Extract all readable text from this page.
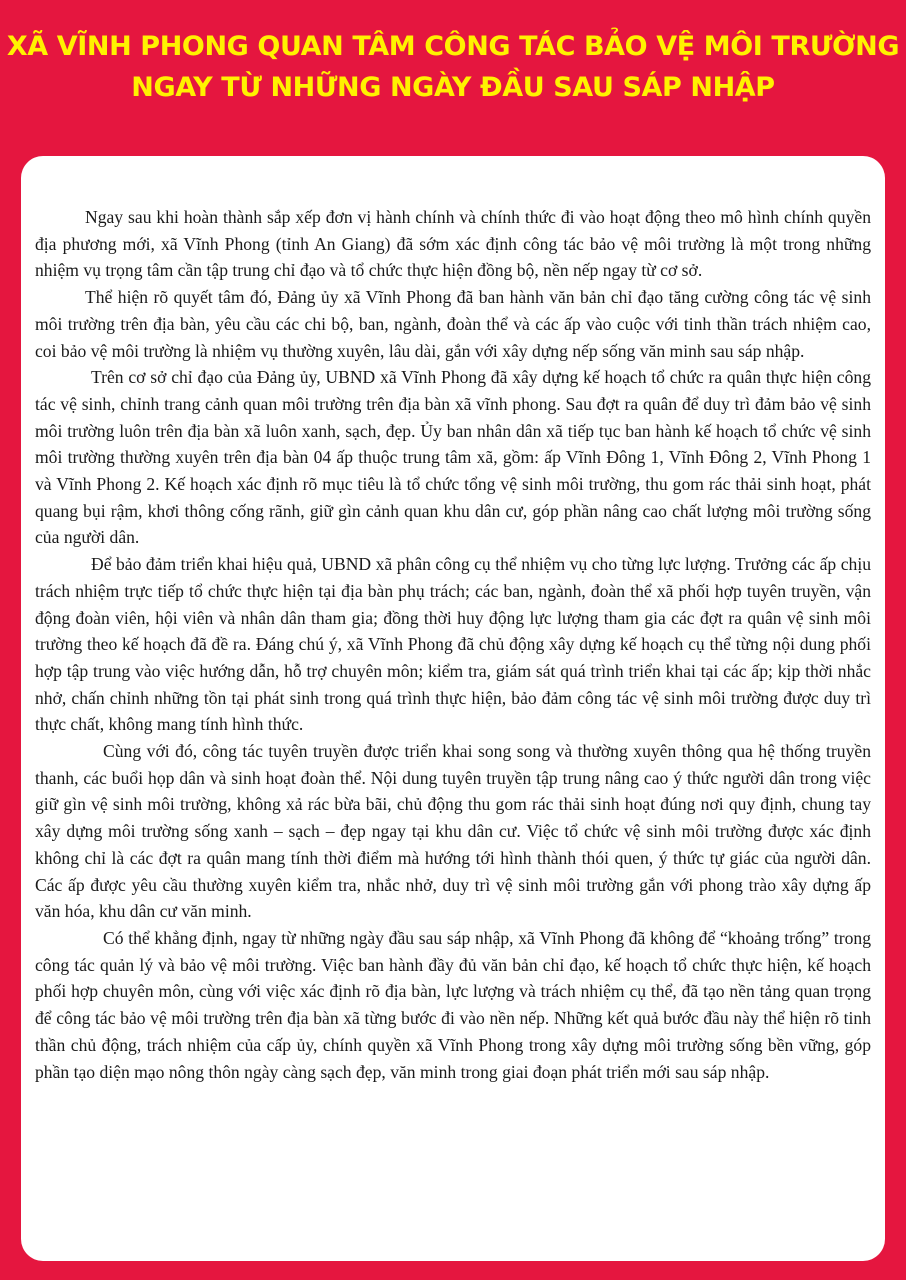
XÃ VĨNH PHONG QUAN TÂM CÔNG TÁC BẢO VỆ MÔI TRƯỜNG
NGAY TỪ NHỮNG NGÀY ĐẦU SAU SÁP NHẬP

Ngay sau khi hoàn thành sắp xếp đơn vị hành chính và chính thức đi vào hoạt động theo mô hình chính quyền địa phương mới, xã Vĩnh Phong (tỉnh An Giang) đã sớm xác định công tác bảo vệ môi trường là một trong những nhiệm vụ trọng tâm cần tập trung chỉ đạo và tổ chức thực hiện đồng bộ, nền nếp ngay từ cơ sở.

Thể hiện rõ quyết tâm đó, Đảng ủy xã Vĩnh Phong đã ban hành văn bản chỉ đạo tăng cường công tác vệ sinh môi trường trên địa bàn, yêu cầu các chi bộ, ban, ngành, đoàn thể và các ấp vào cuộc với tinh thần trách nhiệm cao, coi bảo vệ môi trường là nhiệm vụ thường xuyên, lâu dài, gắn với xây dựng nếp sống văn minh sau sáp nhập.

Trên cơ sở chỉ đạo của Đảng ủy, UBND xã Vĩnh Phong đã xây dựng kế hoạch tổ chức ra quân thực hiện công tác vệ sinh, chỉnh trang cảnh quan môi trường trên địa bàn xã vĩnh phong. Sau đợt ra quân để duy trì đảm bảo vệ sinh môi trường luôn trên địa bàn xã luôn xanh, sạch, đẹp. Ủy ban nhân dân xã tiếp tục ban hành kế hoạch tổ chức vệ sinh môi trường thường xuyên trên địa bàn 04 ấp thuộc trung tâm xã, gồm: ấp Vĩnh Đông 1, Vĩnh Đông 2, Vĩnh Phong 1 và Vĩnh Phong 2. Kế hoạch xác định rõ mục tiêu là tổ chức tổng vệ sinh môi trường, thu gom rác thải sinh hoạt, phát quang bụi rậm, khơi thông cống rãnh, giữ gìn cảnh quan khu dân cư, góp phần nâng cao chất lượng môi trường sống của người dân.

Để bảo đảm triển khai hiệu quả, UBND xã phân công cụ thể nhiệm vụ cho từng lực lượng. Trưởng các ấp chịu trách nhiệm trực tiếp tổ chức thực hiện tại địa bàn phụ trách; các ban, ngành, đoàn thể xã phối hợp tuyên truyền, vận động đoàn viên, hội viên và nhân dân tham gia; đồng thời huy động lực lượng tham gia các đợt ra quân vệ sinh môi trường theo kế hoạch đã đề ra. Đáng chú ý, xã Vĩnh Phong đã chủ động xây dựng kế hoạch cụ thể từng nội dung phối hợp tập trung vào việc hướng dẫn, hỗ trợ chuyên môn; kiểm tra, giám sát quá trình triển khai tại các ấp; kịp thời nhắc nhở, chấn chỉnh những tồn tại phát sinh trong quá trình thực hiện, bảo đảm công tác vệ sinh môi trường được duy trì thực chất, không mang tính hình thức.

Cùng với đó, công tác tuyên truyền được triển khai song song và thường xuyên thông qua hệ thống truyền thanh, các buổi họp dân và sinh hoạt đoàn thể. Nội dung tuyên truyền tập trung nâng cao ý thức người dân trong việc giữ gìn vệ sinh môi trường, không xả rác bừa bãi, chủ động thu gom rác thải sinh hoạt đúng nơi quy định, chung tay xây dựng môi trường sống xanh – sạch – đẹp ngay tại khu dân cư. Việc tổ chức vệ sinh môi trường được xác định không chỉ là các đợt ra quân mang tính thời điểm mà hướng tới hình thành thói quen, ý thức tự giác của người dân. Các ấp được yêu cầu thường xuyên kiểm tra, nhắc nhở, duy trì vệ sinh môi trường gắn với phong trào xây dựng ấp văn hóa, khu dân cư văn minh.

Có thể khẳng định, ngay từ những ngày đầu sau sáp nhập, xã Vĩnh Phong đã không để “khoảng trống” trong công tác quản lý và bảo vệ môi trường. Việc ban hành đầy đủ văn bản chỉ đạo, kế hoạch tổ chức thực hiện, kế hoạch phối hợp chuyên môn, cùng với việc xác định rõ địa bàn, lực lượng và trách nhiệm cụ thể, đã tạo nền tảng quan trọng để công tác bảo vệ môi trường trên địa bàn xã từng bước đi vào nền nếp. Những kết quả bước đầu này thể hiện rõ tinh thần chủ động, trách nhiệm của cấp ủy, chính quyền xã Vĩnh Phong trong xây dựng môi trường sống bền vững, góp phần tạo diện mạo nông thôn ngày càng sạch đẹp, văn minh trong giai đoạn phát triển mới sau sáp nhập.
